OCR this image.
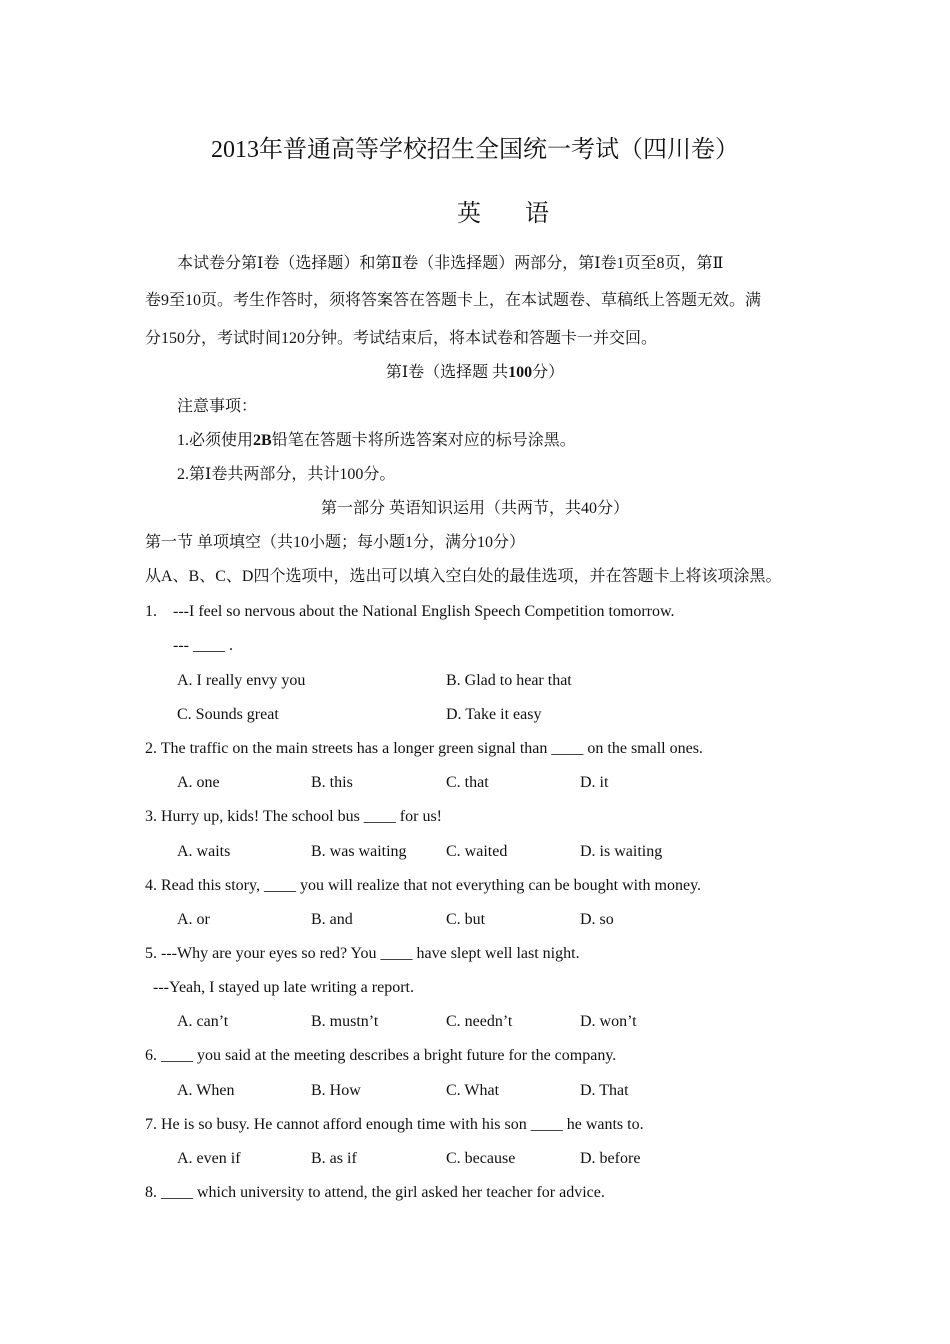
2013年普通高等学校招生全国统一考试（四川卷）
英语
本试卷分第Ⅰ卷（选择题）和第Ⅱ卷（非选择题）两部分，第Ⅰ卷1页至8页，第Ⅱ
卷9至10页。考生作答时，须将答案答在答题卡上，在本试题卷、草稿纸上答题无效。满
分150分，考试时间120分钟。考试结束后，将本试卷和答题卡一并交回。
第Ⅰ卷（选择题 共100分）
注意事项：
1.必须使用2B铅笔在答题卡将所选答案对应的标号涂黑。
2.第Ⅰ卷共两部分，共计100分。
第一部分 英语知识运用（共两节，共40分）
第一节 单项填空（共10小题；每小题1分，满分10分）
从A、B、C、D四个选项中，选出可以填入空白处的最佳选项，并在答题卡上将该项涂黑。
1. ---I feel so nervous about the National English Speech Competition tomorrow.
--- ____ .
A. I really envy you	B. Glad to hear that
C. Sounds great	D. Take it easy
2. The traffic on the main streets has a longer green signal than ____ on the small ones.
A. one	B. this	C. that	D. it
3. Hurry up, kids! The school bus ____ for us!
A. waits	B. was waiting C. waited	D. is waiting
4. Read this story, ____ you will realize that not everything can be bought with money.
A. or	B. and	C. but	D. so
5. ---Why are your eyes so red? You ____ have slept well last night.
---Yeah, I stayed up late writing a report.
A. can’t	B. mustn’t	C. needn’t	D. won’t
6. ____ you said at the meeting describes a bright future for the company.
A. When	B. How	C. What	D. That
7. He is so busy. He cannot afford enough time with his son ____ he wants to.
A. even if	B. as if	C. because	D. before
8. ____ which university to attend, the girl asked her teacher for advice.
